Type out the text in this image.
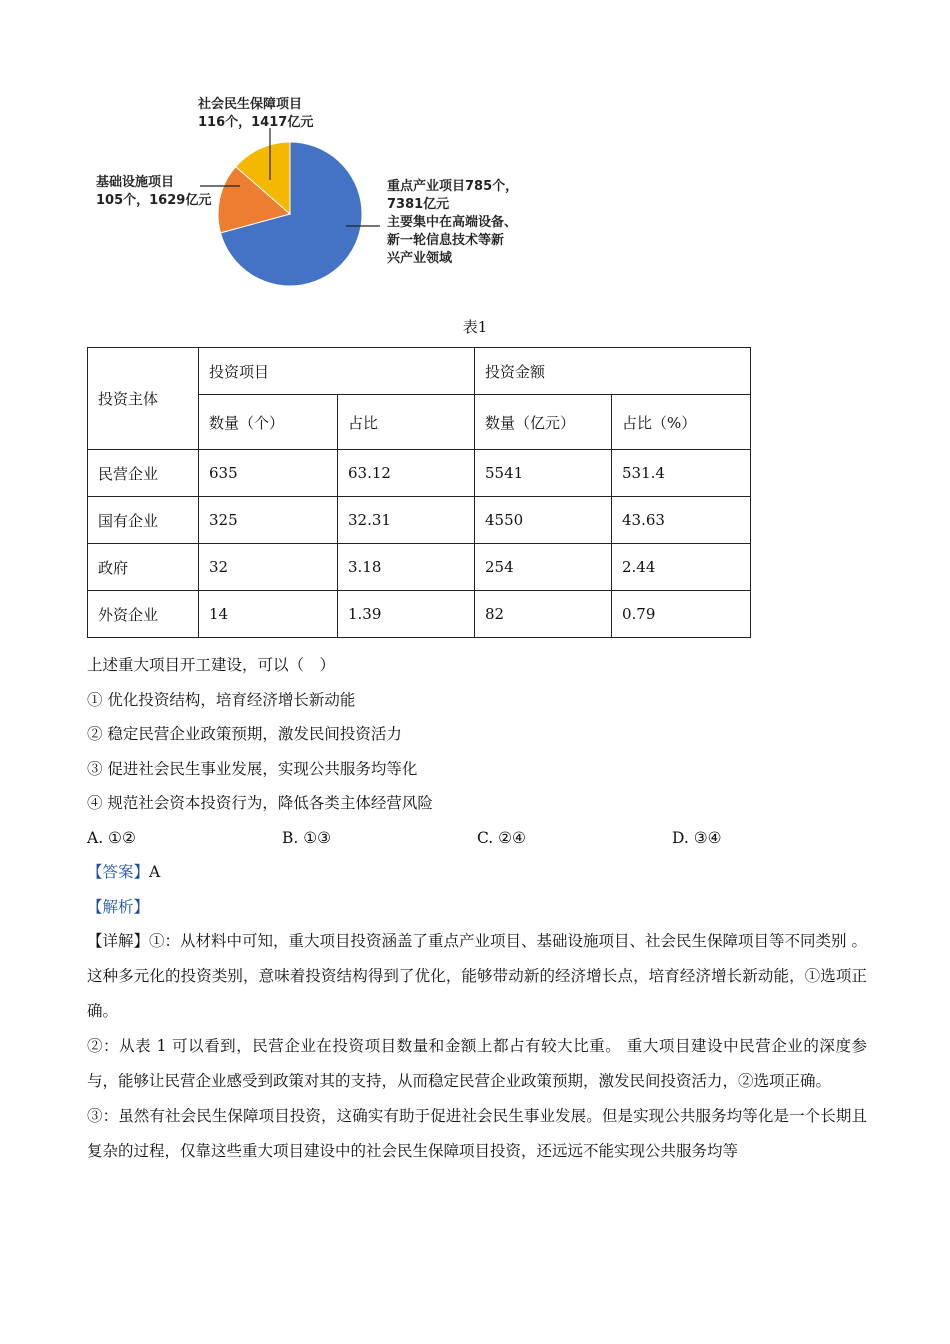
社会民生保障项目
116个，1417亿元
基础设施项目
105个，1629亿元
重点产业项目785个，
7381亿元
主要集中在高端设备、
新一轮信息技术等新
兴产业领域
表1
投资主体	投资项目		投资金额	
	数量（个）	占比	数量（亿元）	占比（%）
民营企业	635	63.12	5541	531.4
国有企业	325	32.31	4550	43.63
政府	32	3.18	254	2.44
外资企业	14	1.39	82	0.79
上述重大项目开工建设，可以（　）
① 优化投资结构，培育经济增长新动能
② 稳定民营企业政策预期，激发民间投资活力
③ 促进社会民生事业发展，实现公共服务均等化
④ 规范社会资本投资行为，降低各类主体经营风险
A. ①②	B. ①③	C. ②④	D. ③④
【答案】A
【解析】

【详解】①：从材料中可知，重大项目投资涵盖了重点产业项目、基础设施项目、社会民生保障项目等不同类别 。这种多元化的投资类别，意味着投资结构得到了优化，能够带动新的经济增长点，培育经济增长新动能，①选项正确。

②：从表 1 可以看到，民营企业在投资项目数量和金额上都占有较大比重。 重大项目建设中民营企业的深度参与，能够让民营企业感受到政策对其的支持，从而稳定民营企业政策预期，激发民间投资活力，②选项正确。

③：虽然有社会民生保障项目投资，这确实有助于促进社会民生事业发展。但是实现公共服务均等化是一个长期且复杂的过程，仅靠这些重大项目建设中的社会民生保障项目投资，还远远不能实现公共服务均等
